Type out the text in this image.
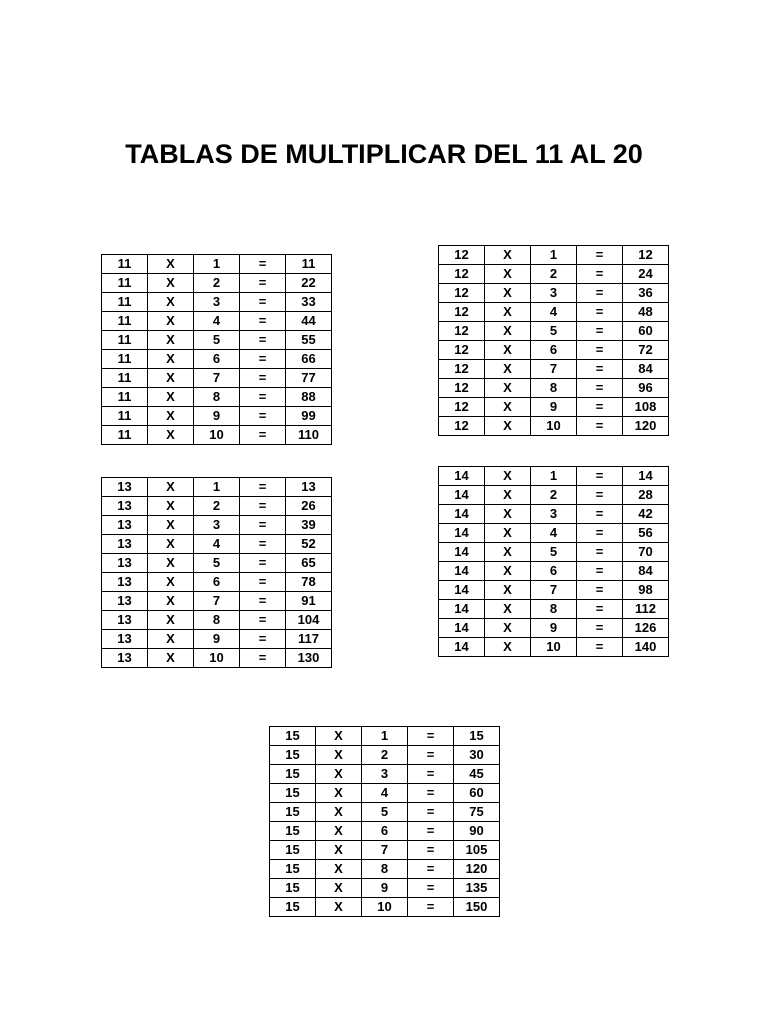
TABLAS DE MULTIPLICAR DEL 11 AL 20
11	X	1	=	11
11	X	2	=	22
11	X	3	=	33
11	X	4	=	44
11	X	5	=	55
11	X	6	=	66
11	X	7	=	77
11	X	8	=	88
11	X	9	=	99
11	X	10	=	110
12	X	1	=	12
12	X	2	=	24
12	X	3	=	36
12	X	4	=	48
12	X	5	=	60
12	X	6	=	72
12	X	7	=	84
12	X	8	=	96
12	X	9	=	108
12	X	10	=	120
13	X	1	=	13
13	X	2	=	26
13	X	3	=	39
13	X	4	=	52
13	X	5	=	65
13	X	6	=	78
13	X	7	=	91
13	X	8	=	104
13	X	9	=	117
13	X	10	=	130
14	X	1	=	14
14	X	2	=	28
14	X	3	=	42
14	X	4	=	56
14	X	5	=	70
14	X	6	=	84
14	X	7	=	98
14	X	8	=	112
14	X	9	=	126
14	X	10	=	140
15	X	1	=	15
15	X	2	=	30
15	X	3	=	45
15	X	4	=	60
15	X	5	=	75
15	X	6	=	90
15	X	7	=	105
15	X	8	=	120
15	X	9	=	135
15	X	10	=	150
